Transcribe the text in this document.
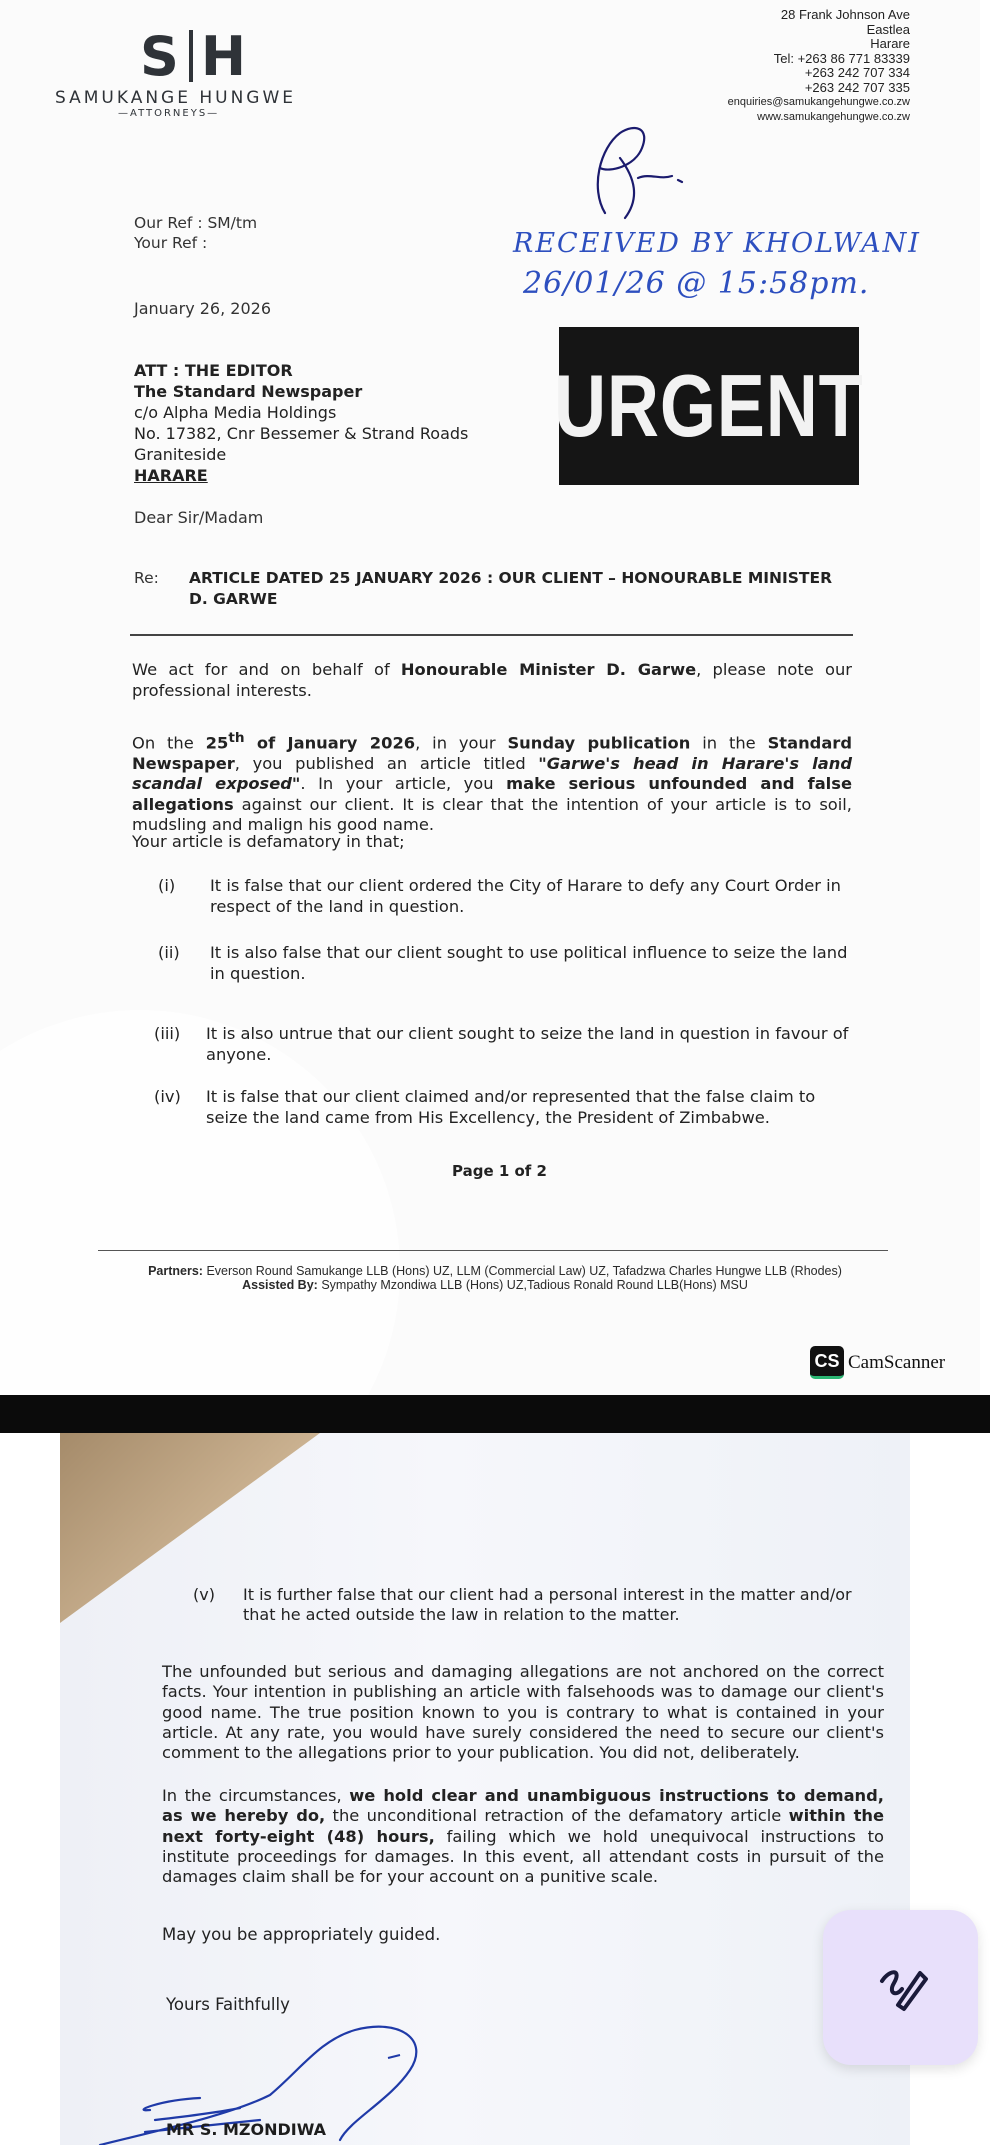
S H
SAMUKANGE HUNGWE
—ATTORNEYS—
28 Frank Johnson Ave
Eastlea
Harare
Tel: +263 86 771 83339
+263 242 707 334
+263 242 707 335
enquiries@samukangehungwe.co.zw
www.samukangehungwe.co.zw
Our Ref : SM/tm
Your Ref :	RECEIVED BY KHOLWANI
26/01/26 @ 15:58pm.
January 26, 2026
ATT : THE EDITOR
The Standard Newspaper
c/o Alpha Media Holdings
No. 17382, Cnr Bessemer & Strand Roads
Graniteside
HARARE
URGENT
Dear Sir/Madam
Re: ARTICLE DATED 25 JANUARY 2026 : OUR CLIENT – HONOURABLE MINISTER D. GARWE
We act for and on behalf of Honourable Minister D. Garwe, please note our professional interests.
On the 25th of January 2026, in your Sunday publication in the Standard Newspaper, you published an article titled "Garwe's head in Harare's land scandal exposed". In your article, you make serious unfounded and false allegations against our client. It is clear that the intention of your article is to soil, mudsling and malign his good name.
Your article is defamatory in that;
(i) It is false that our client ordered the City of Harare to defy any Court Order in respect of the land in question.
(ii) It is also false that our client sought to use political influence to seize the land in question.
(iii) It is also untrue that our client sought to seize the land in question in favour of anyone.
(iv) It is false that our client claimed and/or represented that the false claim to seize the land came from His Excellency, the President of Zimbabwe.
Page 1 of 2
Partners: Everson Round Samukange LLB (Hons) UZ, LLM (Commercial Law) UZ, Tafadzwa Charles Hungwe LLB (Rhodes)
Assisted By: Sympathy Mzondiwa LLB (Hons) UZ,Tadious Ronald Round LLB(Hons) MSU
CS CamScanner
(v) It is further false that our client had a personal interest in the matter and/or that he acted outside the law in relation to the matter.
The unfounded but serious and damaging allegations are not anchored on the correct facts. Your intention in publishing an article with falsehoods was to damage our client's good name. The true position known to you is contrary to what is contained in your article. At any rate, you would have surely considered the need to secure our client's comment to the allegations prior to your publication. You did not, deliberately.
In the circumstances, we hold clear and unambiguous instructions to demand, as we hereby do, the unconditional retraction of the defamatory article within the next forty-eight (48) hours, failing which we hold unequivocal instructions to institute proceedings for damages. In this event, all attendant costs in pursuit of the damages claim shall be for your account on a punitive scale.
May you be appropriately guided.
Yours Faithfully
MR S. MZONDIWA
